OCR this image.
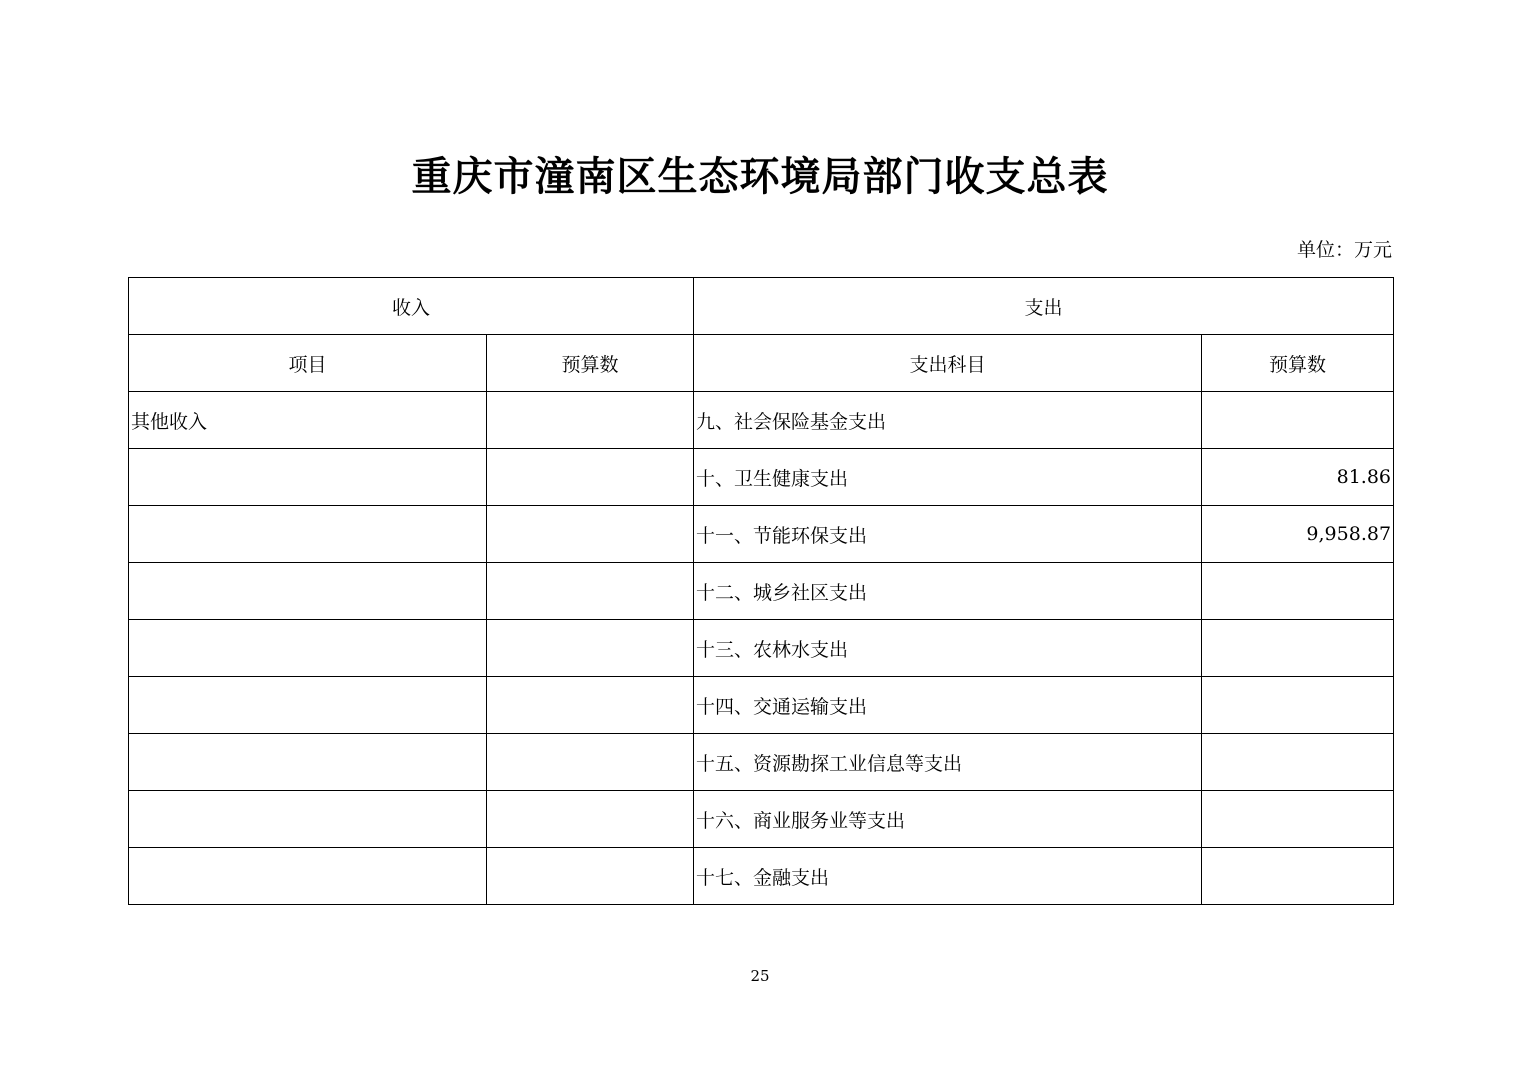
重庆市潼南区生态环境局部门收支总表
单位：万元
收入		支出	
项目	预算数	支出科目	预算数
其他收入		九、社会保险基金支出	
		十、卫生健康支出	81.86
		十一、节能环保支出	9,958.87
		十二、城乡社区支出	
		十三、农林水支出	
		十四、交通运输支出	
		十五、资源勘探工业信息等支出	
		十六、商业服务业等支出	
		十七、金融支出	
25
